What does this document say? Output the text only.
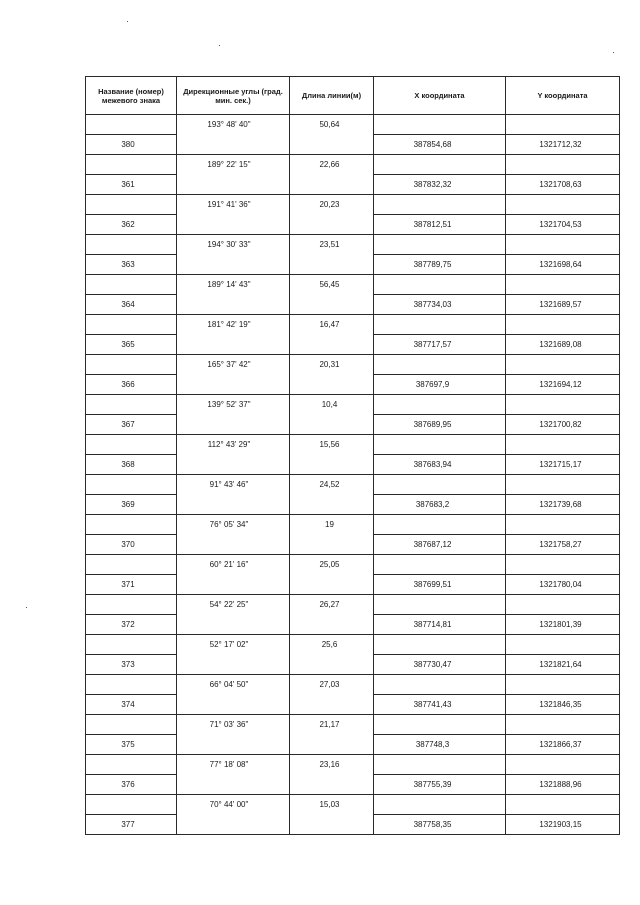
Название (номер) межевого знака	Дирекционные углы (град. мин. сек.)	Длина линии(м)	X координата	Y координата
	193° 48' 40"	50,64		
380			387854,68	1321712,32
	189° 22' 15"	22,66		
361			387832,32	1321708,63
	191° 41' 36"	20,23		
362			387812,51	1321704,53
	194° 30' 33"	23,51		
363			387789,75	1321698,64
	189° 14' 43"	56,45		
364			387734,03	1321689,57
	181° 42' 19"	16,47		
365			387717,57	1321689,08
	165° 37' 42"	20,31		
366			387697,9	1321694,12
	139° 52' 37"	10,4		
367			387689,95	1321700,82
	112° 43' 29"	15,56		
368			387683,94	1321715,17
	91° 43' 46"	24,52		
369			387683,2	1321739,68
	76° 05' 34"	19		
370			387687,12	1321758,27
	60° 21' 16"	25,05		
371			387699,51	1321780,04
	54° 22' 25"	26,27		
372			387714,81	1321801,39
	52° 17' 02"	25,6		
373			387730,47	1321821,64
	66° 04' 50"	27,03		
374			387741,43	1321846,35
	71° 03' 36"	21,17		
375			387748,3	1321866,37
	77° 18' 08"	23,16		
376			387755,39	1321888,96
	70° 44' 00"	15,03		
377			387758,35	1321903,15
